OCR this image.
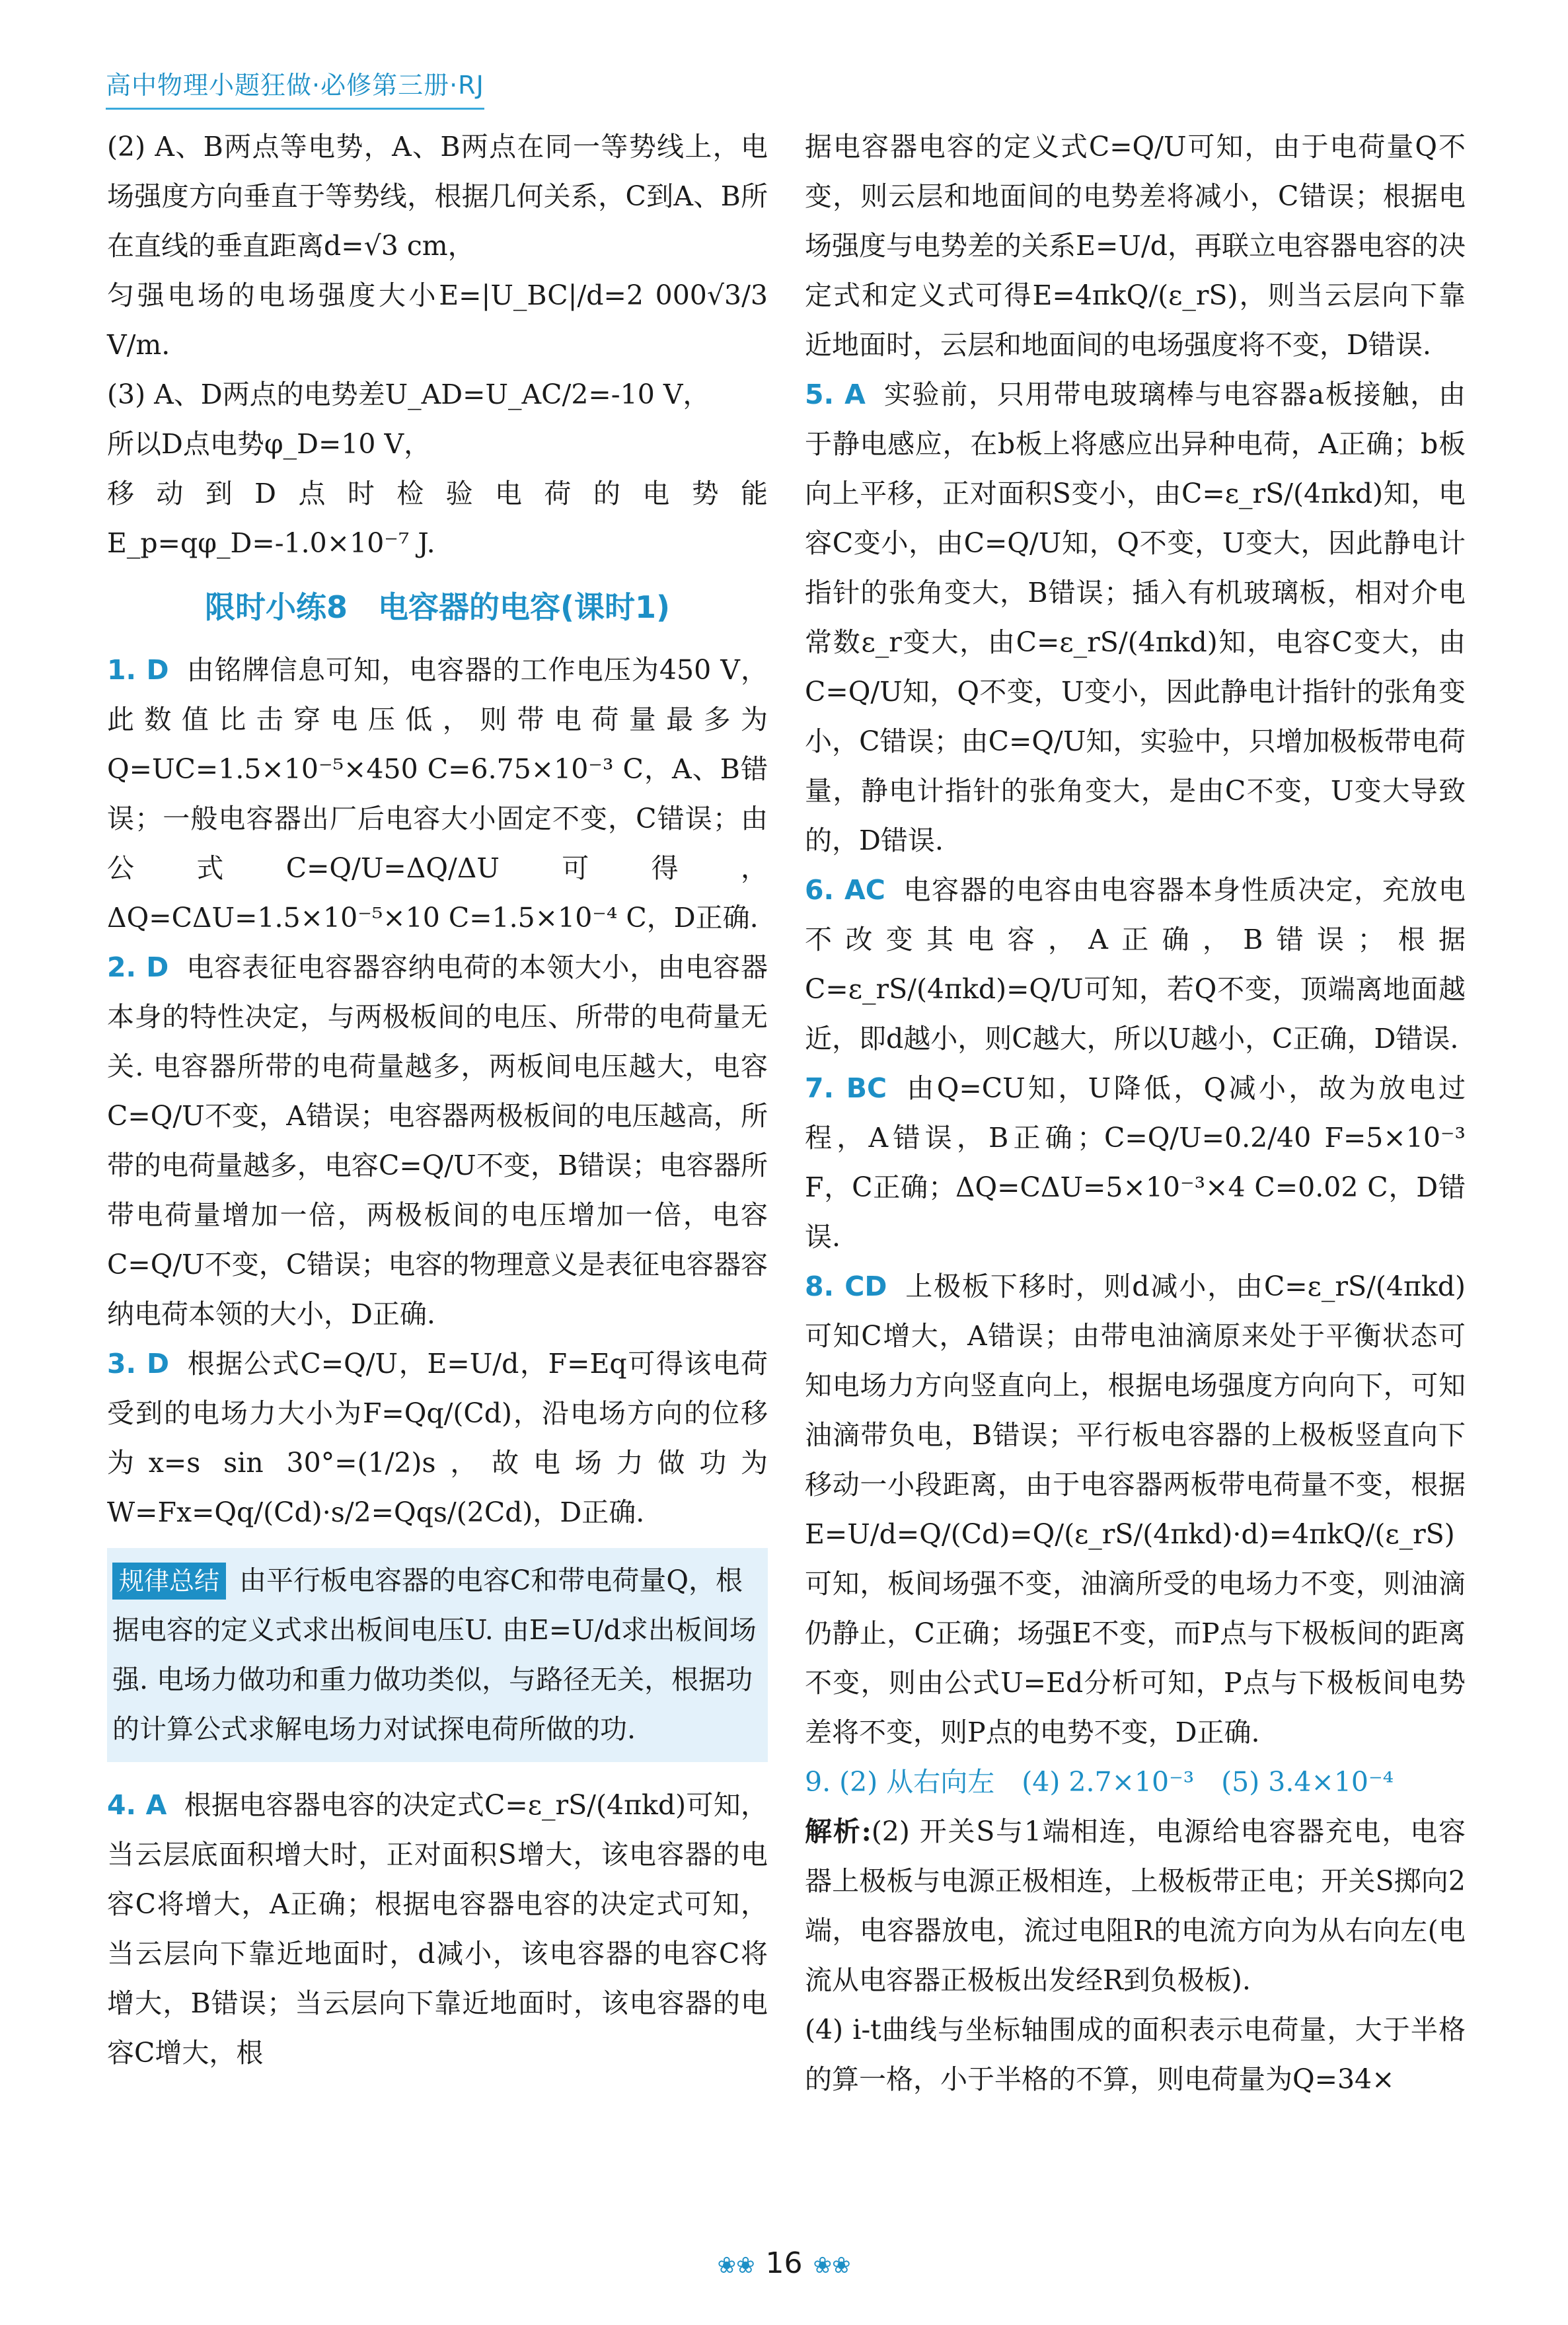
高中物理小题狂做·必修第三册·RJ

(2) A、B两点等电势，A、B两点在同一等势线上，电场强度方向垂直于等势线，根据几何关系，C到A、B所在直线的垂直距离d=√3 cm，

匀强电场的电场强度大小E=|U_BC|/d=2 000√3/3 V/m.

(3) A、D两点的电势差U_AD=U_AC/2=-10 V，

所以D点电势φ_D=10 V，

移动到D点时检验电荷的电势能E_p=qφ_D=-1.0×10⁻⁷ J.

限时小练8　电容器的电容(课时1)

1. D 由铭牌信息可知，电容器的工作电压为450 V，此数值比击穿电压低，则带电荷量最多为Q=UC=1.5×10⁻⁵×450 C=6.75×10⁻³ C，A、B错误；一般电容器出厂后电容大小固定不变，C错误；由公式C=Q/U=ΔQ/ΔU可得，ΔQ=CΔU=1.5×10⁻⁵×10 C=1.5×10⁻⁴ C，D正确.

2. D 电容表征电容器容纳电荷的本领大小，由电容器本身的特性决定，与两极板间的电压、所带的电荷量无关. 电容器所带的电荷量越多，两板间电压越大，电容C=Q/U不变，A错误；电容器两极板间的电压越高，所带的电荷量越多，电容C=Q/U不变，B错误；电容器所带电荷量增加一倍，两极板间的电压增加一倍，电容C=Q/U不变，C错误；电容的物理意义是表征电容器容纳电荷本领的大小，D正确.

3. D 根据公式C=Q/U，E=U/d，F=Eq可得该电荷受到的电场力大小为F=Qq/(Cd)，沿电场方向的位移为x=s sin 30°=(1/2)s，故电场力做功为W=Fx=Qq/(Cd)·s/2=Qqs/(2Cd)，D正确.

规律总结 由平行板电容器的电容C和带电荷量Q，根据电容的定义式求出板间电压U. 由E=U/d求出板间场强. 电场力做功和重力做功类似，与路径无关，根据功的计算公式求解电场力对试探电荷所做的功.

4. A 根据电容器电容的决定式C=ε_rS/(4πkd)可知，当云层底面积增大时，正对面积S增大，该电容器的电容C将增大，A正确；根据电容器电容的决定式可知，当云层向下靠近地面时，d减小，该电容器的电容C将增大，B错误；当云层向下靠近地面时，该电容器的电容C增大，根

据电容器电容的定义式C=Q/U可知，由于电荷量Q不变，则云层和地面间的电势差将减小，C错误；根据电场强度与电势差的关系E=U/d，再联立电容器电容的决定式和定义式可得E=4πkQ/(ε_rS)，则当云层向下靠近地面时，云层和地面间的电场强度将不变，D错误.

5. A 实验前，只用带电玻璃棒与电容器a板接触，由于静电感应，在b板上将感应出异种电荷，A正确；b板向上平移，正对面积S变小，由C=ε_rS/(4πkd)知，电容C变小，由C=Q/U知，Q不变，U变大，因此静电计指针的张角变大，B错误；插入有机玻璃板，相对介电常数ε_r变大，由C=ε_rS/(4πkd)知，电容C变大，由C=Q/U知，Q不变，U变小，因此静电计指针的张角变小，C错误；由C=Q/U知，实验中，只增加极板带电荷量，静电计指针的张角变大，是由C不变，U变大导致的，D错误.

6. AC 电容器的电容由电容器本身性质决定，充放电不改变其电容，A正确，B错误；根据C=ε_rS/(4πkd)=Q/U可知，若Q不变，顶端离地面越近，即d越小，则C越大，所以U越小，C正确，D错误.

7. BC 由Q=CU知，U降低，Q减小，故为放电过程，A错误，B正确；C=Q/U=0.2/40 F=5×10⁻³ F，C正确；ΔQ=CΔU=5×10⁻³×4 C=0.02 C，D错误.

8. CD 上极板下移时，则d减小，由C=ε_rS/(4πkd)可知C增大，A错误；由带电油滴原来处于平衡状态可知电场力方向竖直向上，根据电场强度方向向下，可知油滴带负电，B错误；平行板电容器的上极板竖直向下移动一小段距离，由于电容器两板带电荷量不变，根据E=U/d=Q/(Cd)=Q/(ε_rS/(4πkd)·d)=4πkQ/(ε_rS)可知，板间场强不变，油滴所受的电场力不变，则油滴仍静止，C正确；场强E不变，而P点与下极板间的距离不变，则由公式U=Ed分析可知，P点与下极板间电势差将不变，则P点的电势不变，D正确.

9. (2) 从右向左　(4) 2.7×10⁻³　(5) 3.4×10⁻⁴

解析:(2) 开关S与1端相连，电源给电容器充电，电容器上极板与电源正极相连，上极板带正电；开关S掷向2端，电容器放电，流过电阻R的电流方向为从右向左(电流从电容器正极板出发经R到负极板).

(4) i-t曲线与坐标轴围成的面积表示电荷量，大于半格的算一格，小于半格的不算，则电荷量为Q=34×

❀❀ 16 ❀❀
